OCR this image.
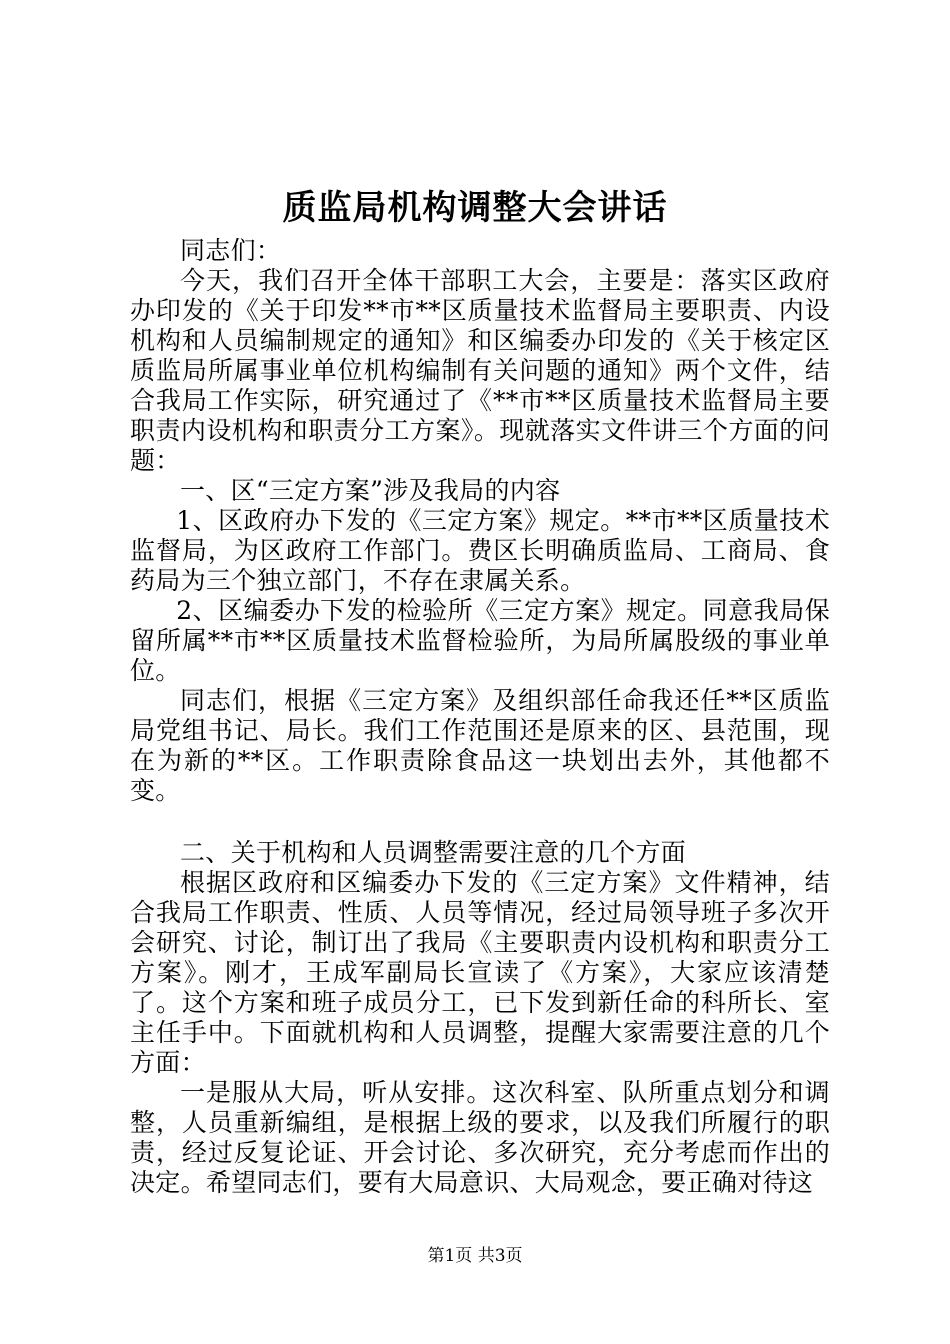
质监局机构调整大会讲话

同志们：

今天，我们召开全体干部职工大会，主要是：落实区政府办印发的《关于印发**市**区质量技术监督局主要职责、内设机构和人员编制规定的通知》和区编委办印发的《关于核定区质监局所属事业单位机构编制有关问题的通知》两个文件，结合我局工作实际，研究通过了《**市**区质量技术监督局主要职责内设机构和职责分工方案》。现就落实文件讲三个方面的问题：

一、区“三定方案”涉及我局的内容

1、区政府办下发的《三定方案》规定。**市**区质量技术监督局，为区政府工作部门。费区长明确质监局、工商局、食药局为三个独立部门，不存在隶属关系。

2、区编委办下发的检验所《三定方案》规定。同意我局保留所属**市**区质量技术监督检验所，为局所属股级的事业单位。

同志们，根据《三定方案》及组织部任命我还任**区质监局党组书记、局长。我们工作范围还是原来的区、县范围，现在为新的**区。工作职责除食品这一块划出去外，其他都不变。

二、关于机构和人员调整需要注意的几个方面

根据区政府和区编委办下发的《三定方案》文件精神，结合我局工作职责、性质、人员等情况，经过局领导班子多次开会研究、讨论，制订出了我局《主要职责内设机构和职责分工方案》。刚才，王成军副局长宣读了《方案》，大家应该清楚了。这个方案和班子成员分工，已下发到新任命的科所长、室主任手中。下面就机构和人员调整，提醒大家需要注意的几个方面：

一是服从大局，听从安排。这次科室、队所重点划分和调整，人员重新编组，是根据上级的要求，以及我们所履行的职责，经过反复论证、开会讨论、多次研究，充分考虑而作出的决定。希望同志们，要有大局意识、大局观念，要正确对待这

第1页 共3页
